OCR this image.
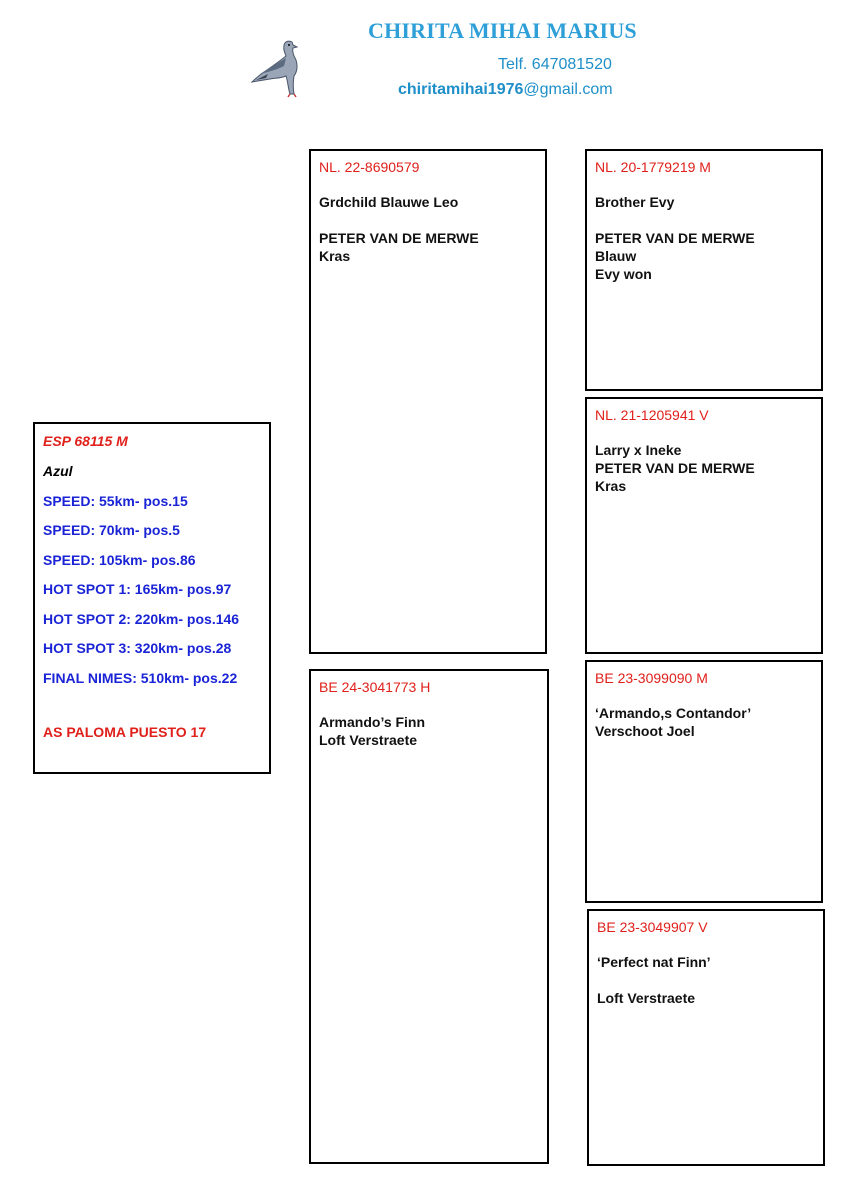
CHIRITA MIHAI MARIUS
Telf. 647081520
chiritamihai1976@gmail.com
ESP 68115 M
Azul
SPEED: 55km- pos.15
SPEED: 70km- pos.5
SPEED: 105km- pos.86
HOT SPOT 1: 165km- pos.97
HOT SPOT 2: 220km- pos.146
HOT SPOT 3: 320km- pos.28
FINAL NIMES: 510km- pos.22
AS PALOMA PUESTO 17
NL. 22-8690579
Grdchild Blauwe Leo
PETER VAN DE MERWE
Kras
BE 24-3041773 H
Armando’s Finn
Loft Verstraete
NL. 20-1779219 M
Brother Evy
PETER VAN DE MERWE
Blauw
Evy won
NL. 21-1205941 V
Larry x Ineke
PETER VAN DE MERWE
Kras
BE 23-3099090 M
‘Armando,s Contandor’
Verschoot Joel
BE 23-3049907 V
‘Perfect nat Finn’
Loft Verstraete
